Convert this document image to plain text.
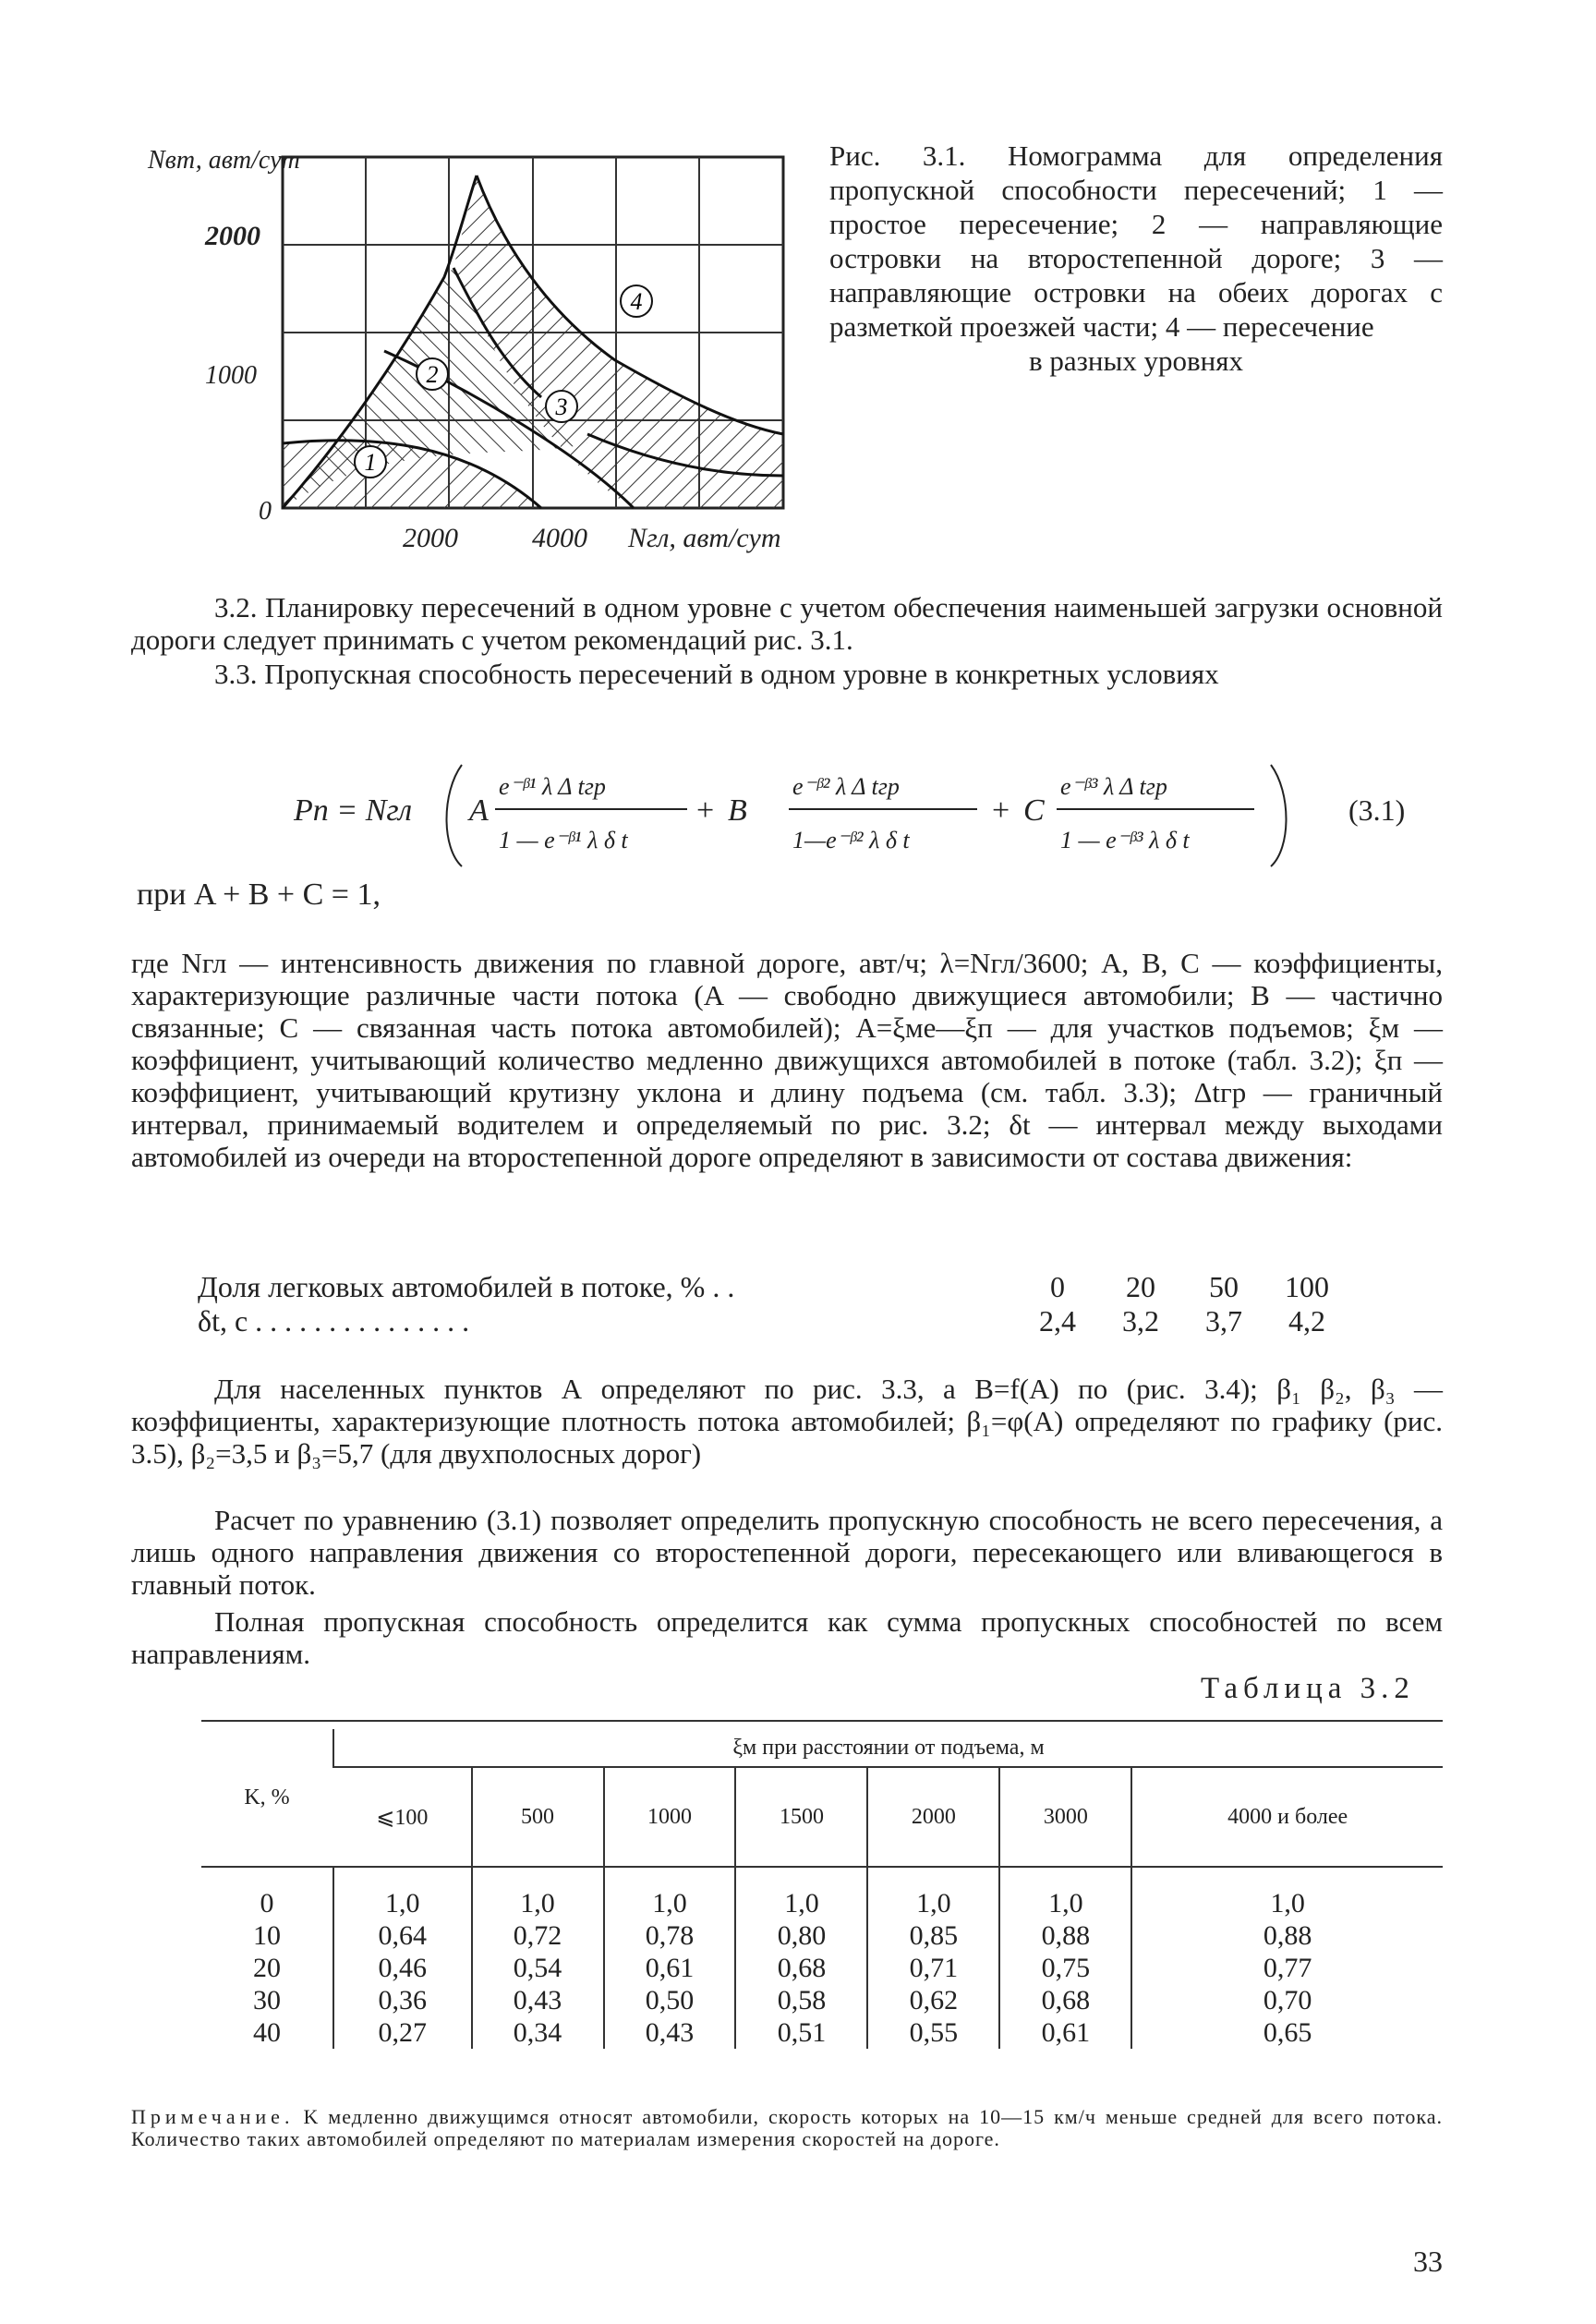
1
2
3
4
Nвт, авт/сут
2000
1000
0
2000	4000 Nгл, авт/сут
Рис. 3.1. Номограмма для определения пропускной способности пересечений; 1 — простое пересечение; 2 — направляющие островки на второстепенной дороге; 3 — направляющие островки на обеих дорогах с разметкой проезжей части; 4 — пересечение
в разных уровнях
3.2. Планировку пересечений в одном уровне с учетом обеспечения наименьшей загрузки основной дороги следует принимать с учетом рекомендаций рис. 3.1.
3.3. Пропускная способность пересечений в одном уровне в конкретных условиях
Pп = Nгл A
e⁻ᵝ¹ λ Δ tгр
1 — e⁻ᵝ¹ λ δ t
+ B
e⁻ᵝ² λ Δ tгр
1—e⁻ᵝ² λ δ t
+ C
e⁻ᵝ³ λ Δ tгр
1 — e⁻ᵝ³ λ δ t
(3.1)
при A + B + C = 1,
где Nгл — интенсивность движения по главной дороге, авт/ч; λ=Nгл/3600; A, B, C — коэффициенты, характеризующие различные части потока (A — свободно движущиеся автомобили; B — частично связанные; C — связанная часть потока автомобилей); A=ξме—ξп — для участков подъемов; ξм — коэффициент, учитывающий количество медленно движущихся автомобилей в потоке (табл. 3.2); ξп — коэффициент, учитывающий крутизну уклона и длину подъема (см. табл. 3.3); Δtгр — граничный интервал, принимаемый водителем и определяемый по рис. 3.2; δt — интервал между выходами автомобилей из очереди на второстепенной дороге определяют в зависимости от состава движения:
Доля легковых автомобилей в потоке, % . .	0	20	50	100
δt, с . . . . . . . . . . . . . . .	2,4	3,2	3,7	4,2
Для населенных пунктов А определяют по рис. 3.3, а B=f(A) по (рис. 3.4); β₁ β₂, β₃ — коэффициенты, характеризующие плотность потока автомобилей; β₁=φ(A) определяют по графику (рис. 3.5), β₂=3,5 и β₃=5,7 (для двухполосных дорог)
Расчет по уравнению (3.1) позволяет определить пропускную способность не всего пересечения, а лишь одного направления движения со второстепенной дороги, пересекающего или вливающегося в главный поток.
Полная пропускная способность определится как сумма пропускных способностей по всем направлениям.
Таблица 3.2
K, %	ξм при расстоянии от подъема, м						
	⩽100	500	1000	1500	2000	3000	4000 и более
0	1,0	1,0	1,0	1,0	1,0	1,0	1,0
10	0,64	0,72	0,78	0,80	0,85	0,88	0,88
20	0,46	0,54	0,61	0,68	0,71	0,75	0,77
30	0,36	0,43	0,50	0,58	0,62	0,68	0,70
40	0,27	0,34	0,43	0,51	0,55	0,61	0,65
Примечание. K медленно движущимся относят автомобили, скорость которых на 10—15 км/ч меньше средней для всего потока. Количество таких автомобилей определяют по материалам измерения скоростей на дороге.
33
